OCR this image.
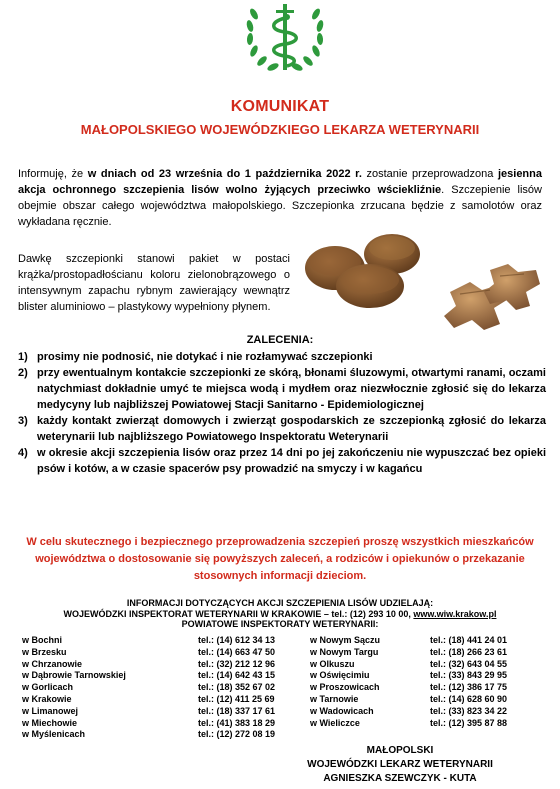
KOMUNIKAT
MAŁOPOLSKIEGO WOJEWÓDZKIEGO LEKARZA WETERYNARII
Informuję, że w dniach od 23 września do 1 października 2022 r. zostanie przeprowadzona jesienna akcja ochronnego szczepienia lisów wolno żyjących przeciwko wściekliźnie. Szczepienie lisów obejmie obszar całego województwa małopolskiego. Szczepionka zrzucana będzie z samolotów oraz wykładana ręcznie.
Dawkę szczepionki stanowi pakiet w postaci krążka/prostopadłościanu koloru zielonobrązowego o intensywnym zapachu rybnym zawierający wewnątrz blister aluminiowo – plastykowy wypełniony płynem.
ZALECENIA:
1) prosimy nie podnosić, nie dotykać i nie rozłamywać szczepionki
2) przy ewentualnym kontakcie szczepionki ze skórą, błonami śluzowymi, otwartymi ranami, oczami natychmiast dokładnie umyć te miejsca wodą i mydłem oraz niezwłocznie zgłosić się do lekarza medycyny lub najbliższej Powiatowej Stacji Sanitarno - Epidemiologicznej
3) każdy kontakt zwierząt domowych i zwierząt gospodarskich ze szczepionką zgłosić do lekarza weterynarii lub najbliższego Powiatowego Inspektoratu Weterynarii
4) w okresie akcji szczepienia lisów oraz przez 14 dni po jej zakończeniu nie wypuszczać bez opieki psów i kotów, a w czasie spacerów psy prowadzić na smyczy i w kagańcu
W celu skutecznego i bezpiecznego przeprowadzenia szczepień proszę wszystkich mieszkańców województwa o dostosowanie się powyższych zaleceń, a rodziców i opiekunów o przekazanie stosownych informacji dzieciom.
INFORMACJI DOTYCZĄCYCH AKCJI SZCZEPIENIA LISÓW UDZIELAJĄ:
WOJEWÓDZKI INSPEKTORAT WETERYNARII W KRAKOWIE – tel.: (12) 293 10 00, www.wiw.krakow.pl
POWIATOWE INSPEKTORATY WETERYNARII:
w Bochni	tel.: (14) 612 34 13	w Nowym Sączu	tel.: (18) 441 24 01
w Brzesku	tel.: (14) 663 47 50	w Nowym Targu	tel.: (18) 266 23 61
w Chrzanowie	tel.: (32) 212 12 96	w Olkuszu	tel.: (32) 643 04 55
w Dąbrowie Tarnowskiej	tel.: (14) 642 43 15	w Oświęcimiu	tel.: (33) 843 29 95
w Gorlicach	tel.: (18) 352 67 02	w Proszowicach	tel.: (12) 386 17 75
w Krakowie	tel.: (12) 411 25 69	w Tarnowie	tel.: (14) 628 60 90
w Limanowej	tel.: (18) 337 17 61	w Wadowicach	tel.: (33) 823 34 22
w Miechowie	tel.: (41) 383 18 29	w Wieliczce	tel.: (12) 395 87 88
w Myślenicach	tel.: (12) 272 08 19
MAŁOPOLSKI
WOJEWÓDZKI LEKARZ WETERYNARII
AGNIESZKA SZEWCZYK - KUTA
